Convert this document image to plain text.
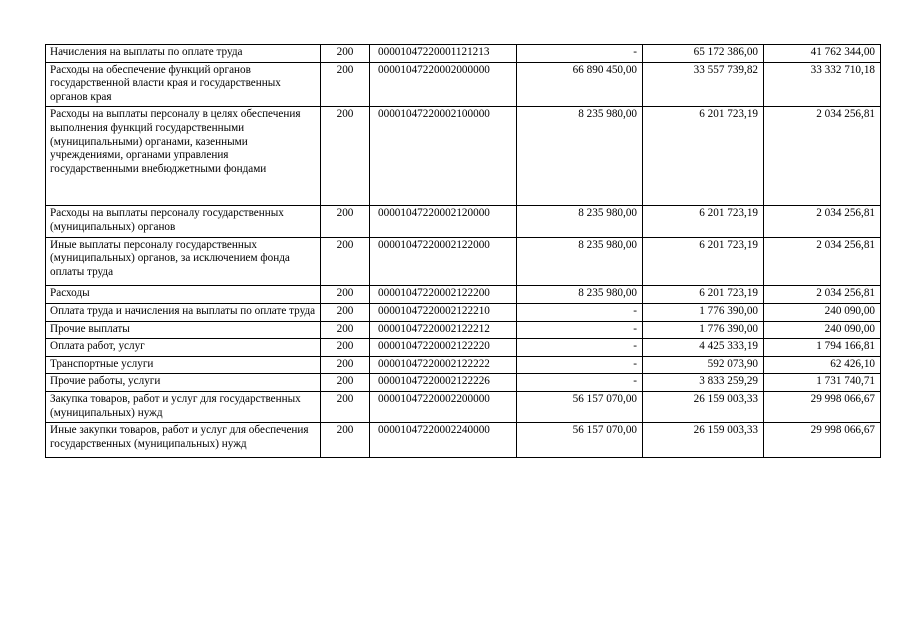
Начисления на выплаты по оплате труда	200	00001047220001121213	-	65 172 386,00	41 762 344,00
Расходы на обеспечение функций органов государственной власти края и государственных органов края	200	00001047220002000000	66 890 450,00	33 557 739,82	33 332 710,18
Расходы на выплаты персоналу в целях обеспечения выполнения функций государственными (муниципальными) органами, казенными учреждениями, органами управления государственными внебюджетными фондами	200	00001047220002100000	8 235 980,00	6 201 723,19	2 034 256,81
Расходы на выплаты персоналу государственных (муниципальных) органов	200	00001047220002120000	8 235 980,00	6 201 723,19	2 034 256,81
Иные выплаты персоналу государственных (муниципальных) органов, за исключением фонда оплаты труда	200	00001047220002122000	8 235 980,00	6 201 723,19	2 034 256,81
Расходы	200	00001047220002122200	8 235 980,00	6 201 723,19	2 034 256,81
Оплата труда и начисления на выплаты по оплате труда	200	00001047220002122210	-	1 776 390,00	240 090,00
Прочие выплаты	200	00001047220002122212	-	1 776 390,00	240 090,00
Оплата работ, услуг	200	00001047220002122220	-	4 425 333,19	1 794 166,81
Транспортные услуги	200	00001047220002122222	-	592 073,90	62 426,10
Прочие работы, услуги	200	00001047220002122226	-	3 833 259,29	1 731 740,71
Закупка товаров, работ и услуг для государственных (муниципальных) нужд	200	00001047220002200000	56 157 070,00	26 159 003,33	29 998 066,67
Иные закупки товаров, работ и услуг для обеспечения государственных (муниципальных) нужд	200	00001047220002240000	56 157 070,00	26 159 003,33	29 998 066,67
